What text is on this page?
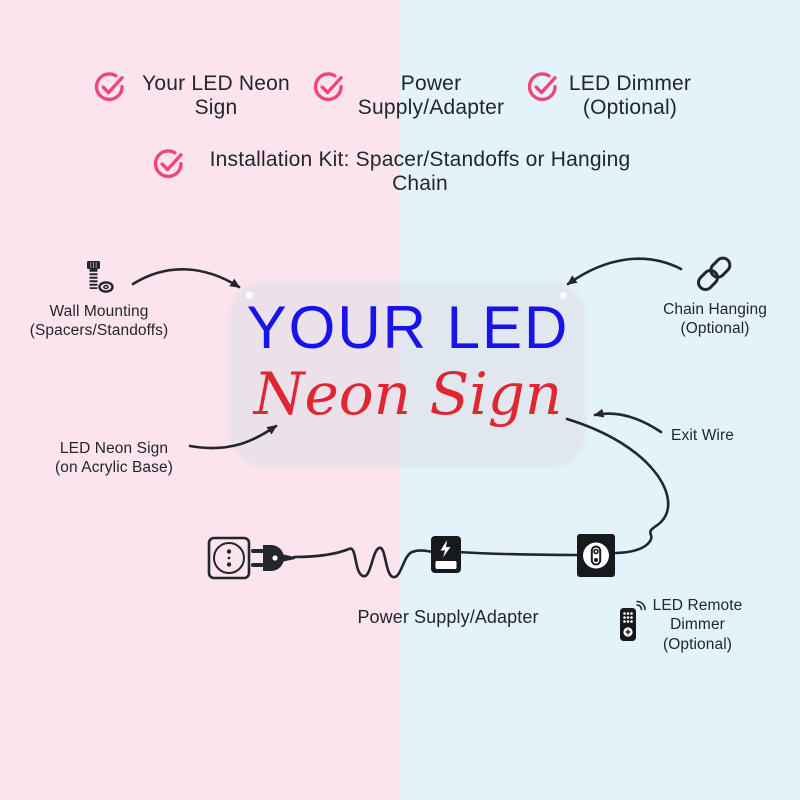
YOUR LED
Neon Sign
Your LED Neon Sign
Power Supply/Adapter
LED Dimmer (Optional)
Installation Kit: Spacer/Standoffs or Hanging Chain
Wall Mounting
(Spacers/Standoffs)
Chain Hanging
(Optional)
LED Neon Sign
(on Acrylic Base)
Exit Wire
Power Supply/Adapter
LED Remote Dimmer (Optional)
